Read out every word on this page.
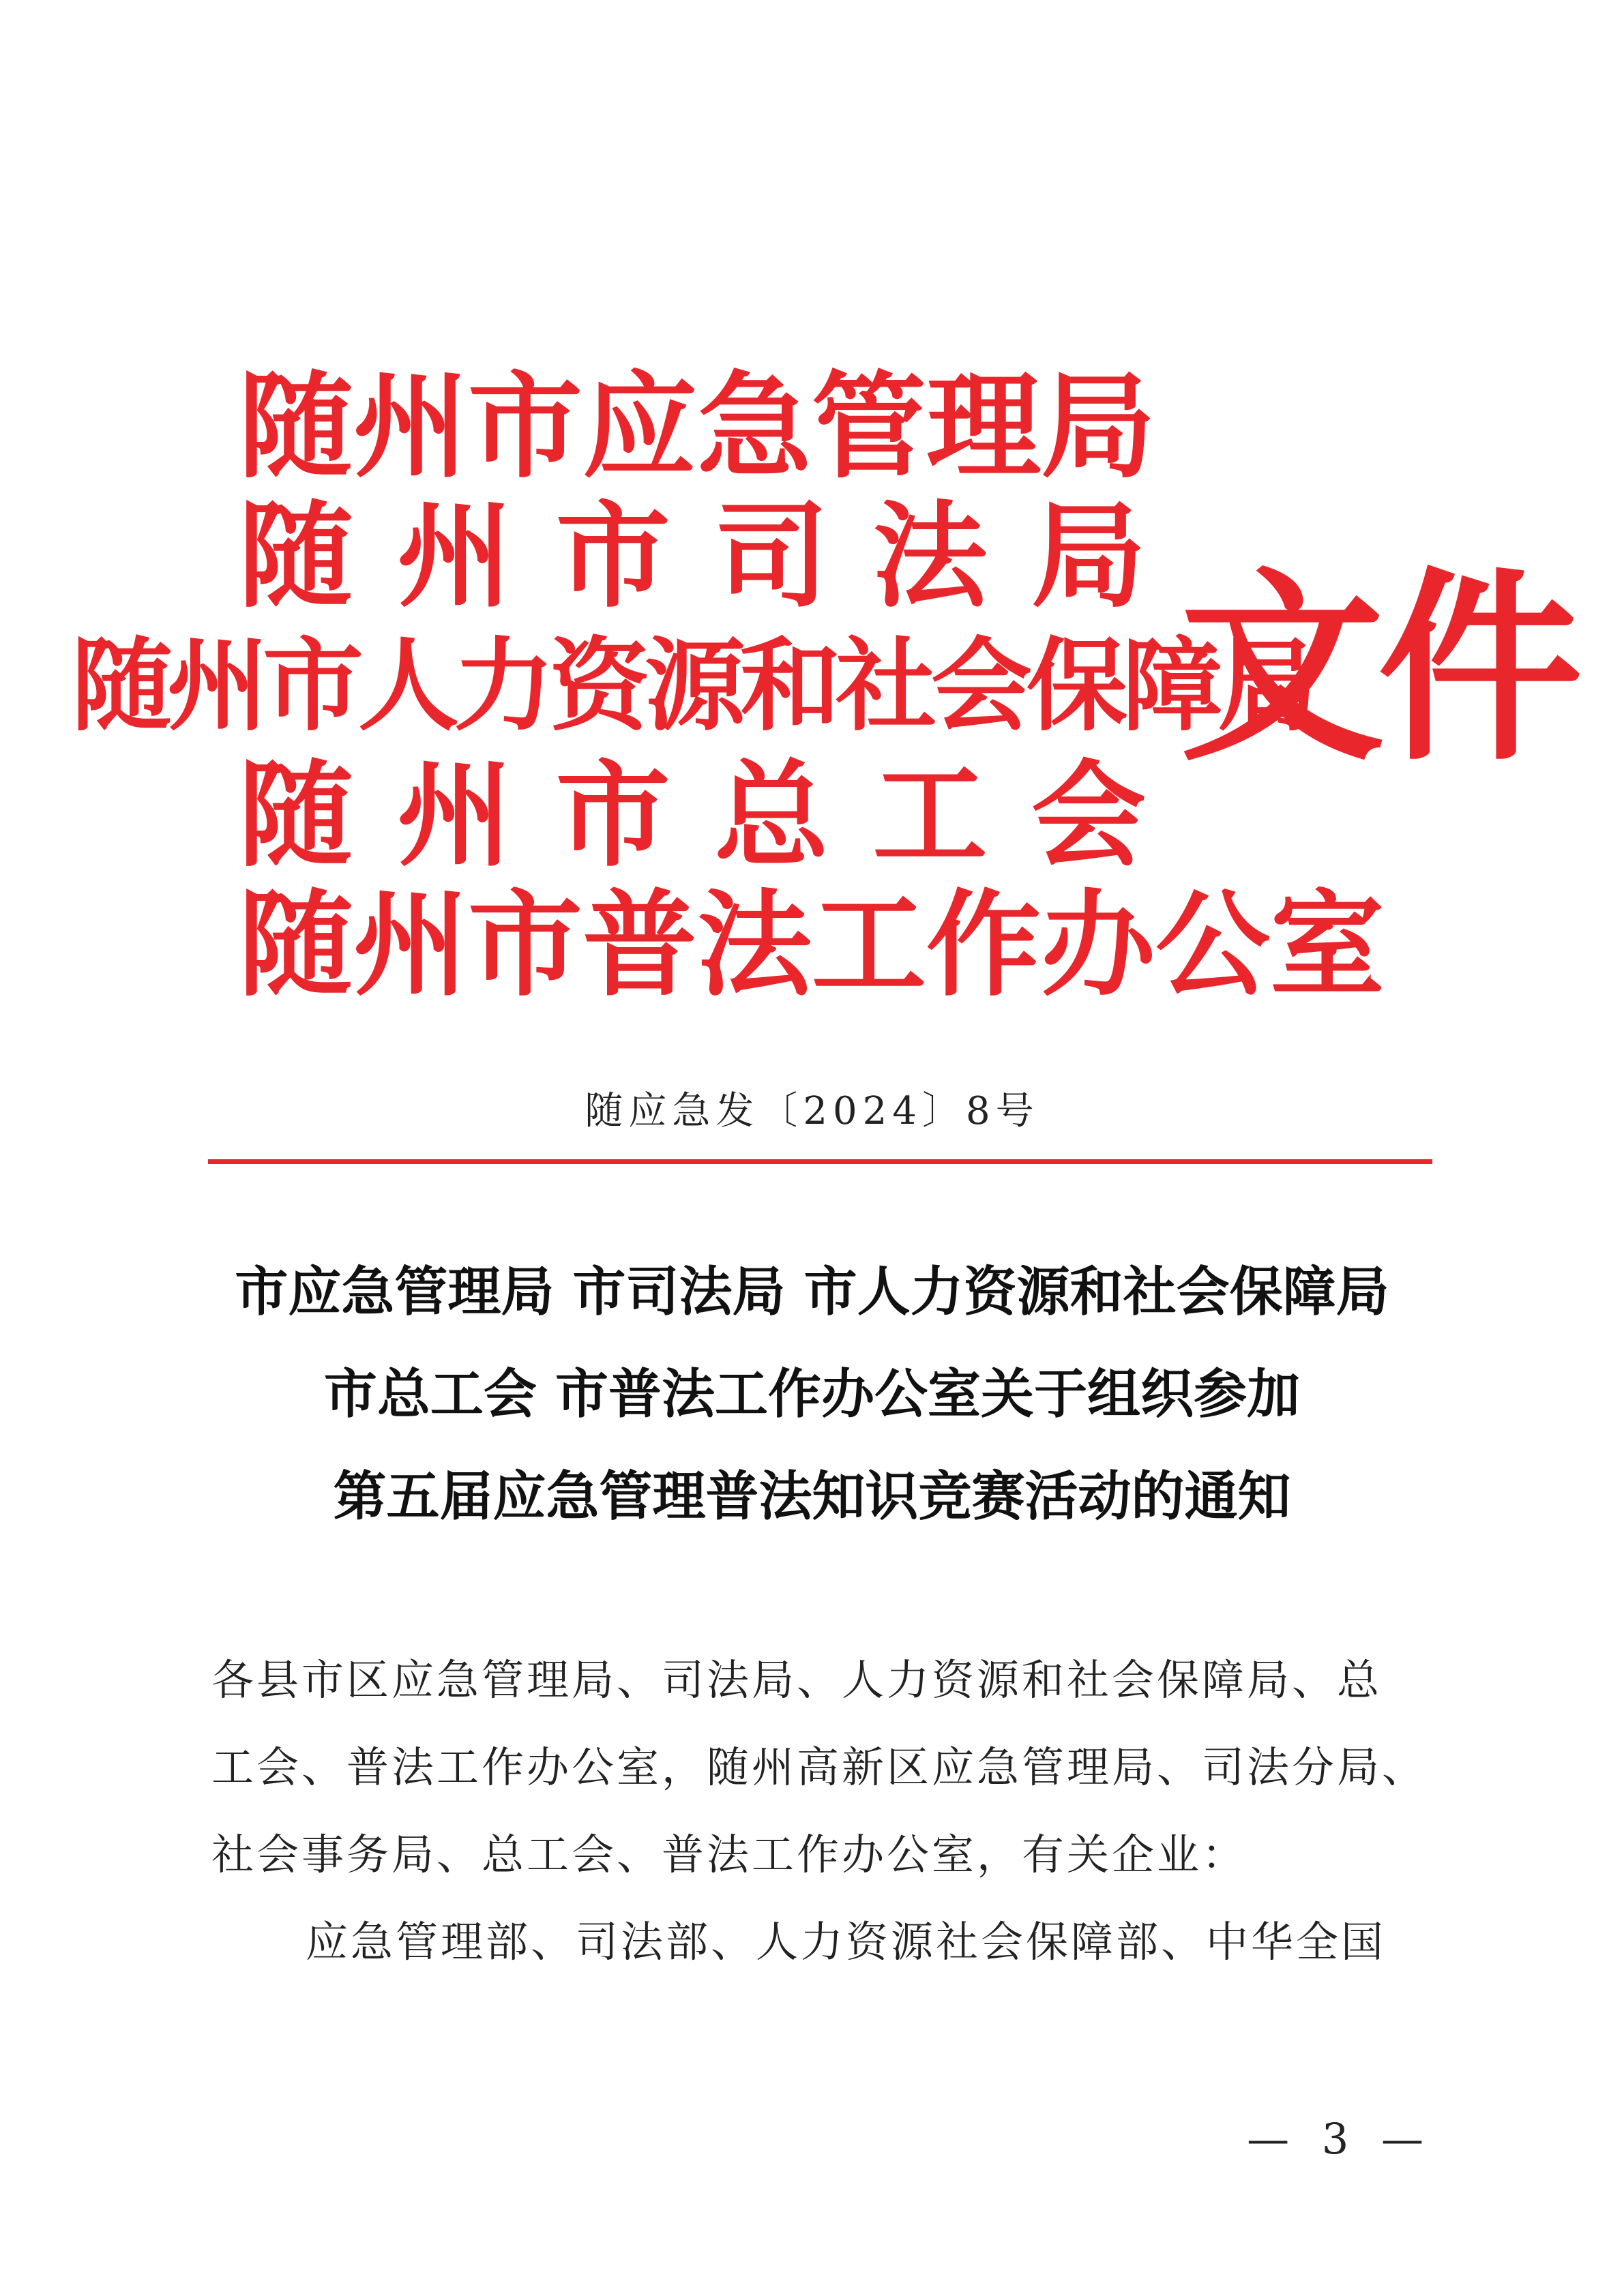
随 州 市 应 急 管 理 局
随 州 市 司 法 局
随州市人力资源和社会保障局
随 州 市 总 工 会
随 州 市 普 法 工 作 办 公 室
文件
随应急发〔2024〕8号
市应急管理局 市司法局 市人力资源和社会保障局
市总工会 市普法工作办公室关于组织参加
第五届应急管理普法知识竞赛活动的通知
各县市区应急管理局、司法局、人力资源和社会保障局、总
工会、普法工作办公室，随州高新区应急管理局、司法分局、
社会事务局、总工会、普法工作办公室，有关企业：
应急管理部、司法部、人力资源社会保障部、中华全国
— 3 —
